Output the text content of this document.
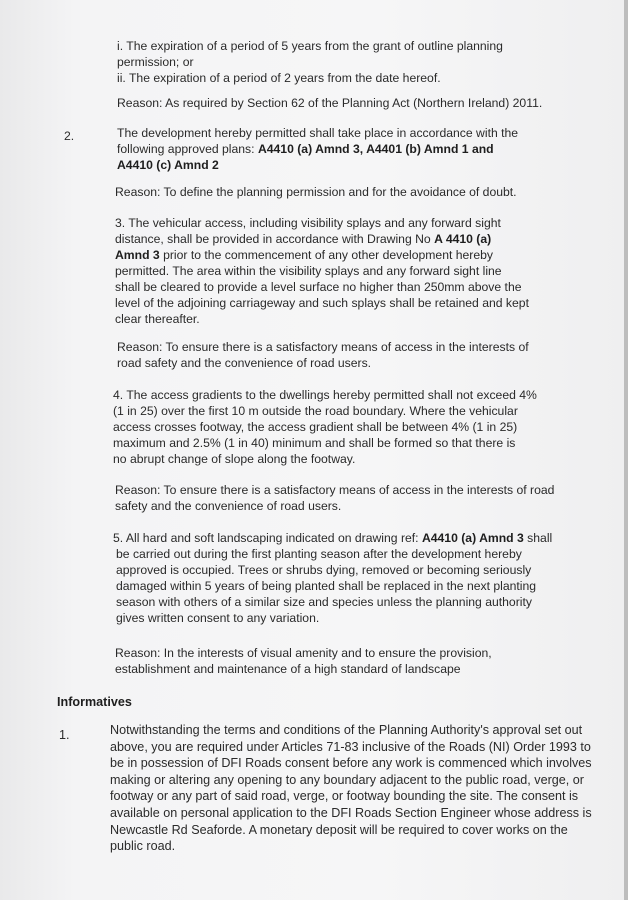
i. The expiration of a period of 5 years from the grant of outline planning
permission; or
ii. The expiration of a period of 2 years from the date hereof.
Reason: As required by Section 62 of the Planning Act (Northern Ireland) 2011.
2.	The development hereby permitted shall take place in accordance with the
following approved plans: A4410 (a) Amnd 3, A4401 (b) Amnd 1 and
A4410 (c) Amnd 2
Reason: To define the planning permission and for the avoidance of doubt.
3. The vehicular access, including visibility splays and any forward sight
distance, shall be provided in accordance with Drawing No A 4410 (a)
Amnd 3 prior to the commencement of any other development hereby
permitted. The area within the visibility splays and any forward sight line
shall be cleared to provide a level surface no higher than 250mm above the
level of the adjoining carriageway and such splays shall be retained and kept
clear thereafter.
Reason: To ensure there is a satisfactory means of access in the interests of
road safety and the convenience of road users.
4. The access gradients to the dwellings hereby permitted shall not exceed 4%
(1 in 25) over the first 10 m outside the road boundary. Where the vehicular
access crosses footway, the access gradient shall be between 4% (1 in 25)
maximum and 2.5% (1 in 40) minimum and shall be formed so that there is
no abrupt change of slope along the footway.
Reason: To ensure there is a satisfactory means of access in the interests of road
safety and the convenience of road users.
5. All hard and soft landscaping indicated on drawing ref: A4410 (a) Amnd 3 shall
be carried out during the first planting season after the development hereby
approved is occupied. Trees or shrubs dying, removed or becoming seriously
damaged within 5 years of being planted shall be replaced in the next planting
season with others of a similar size and species unless the planning authority
gives written consent to any variation.
Reason: In the interests of visual amenity and to ensure the provision,
establishment and maintenance of a high standard of landscape
Informatives
1.	Notwithstanding the terms and conditions of the Planning Authority's approval set out
above, you are required under Articles 71-83 inclusive of the Roads (NI) Order 1993 to
be in possession of DFI Roads consent before any work is commenced which involves
making or altering any opening to any boundary adjacent to the public road, verge, or
footway or any part of said road, verge, or footway bounding the site. The consent is
available on personal application to the DFI Roads Section Engineer whose address is
Newcastle Rd Seaforde. A monetary deposit will be required to cover works on the
public road.
